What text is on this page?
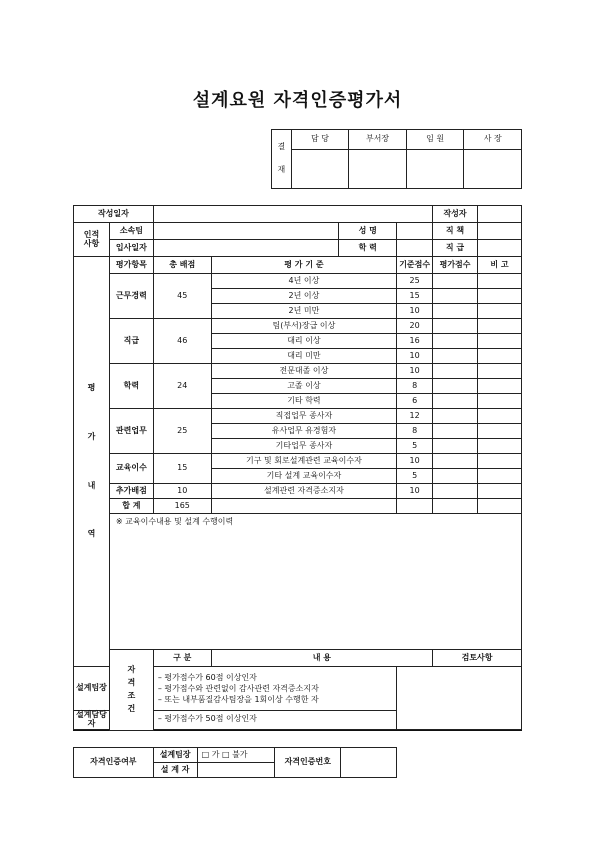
설계요원 자격인증평가서
결
재	담 당	부서장	임 원	사 장

작성일자						작성자	

인적
사항	소속팀			성 명		직 책	
	입사일자			학 력		직 급	

평
가
내
역	평가항목	총 배점	평 가 기 준		기준점수	평가점수	비 고
	근무경력	45	4년 이상		25		
			2년 이상		15		
			2년 미만		10		
	직급	46	팀(부서)장급 이상		20		
			대리 이상		16		
			대리 미만		10		
	학력	24	전문대졸 이상		10		
			고졸 이상		8		
			기타 학력		6		
	관련업무	25	직접업무 종사자		12		
			유사업무 유경험자		8		
			기타업무 종사자		5		
	교육이수	15	기구 및 회로설계관련 교육이수자		10		
			기타 설계 교육이수자		5		
	추가배점	10	설계관련 자격증소지자		10		
	합 계	165					
	※ 교육이수내용 및 설계 수행이력						

	자
격
조
건	구 분	내 용			검토사항	
설계팀장		– 평가점수가 60점 이상인자
– 평가점수와 관련없이 감사관련 자격증소지자
– 또는 내부품질감사팀장을 1회이상 수행한 자					

설계담당자		– 평가점수가 50점 이상인자					

자격인증여부	설계팀장	□ 가 □ 불가	자격인증번호	
	설 계 자			
